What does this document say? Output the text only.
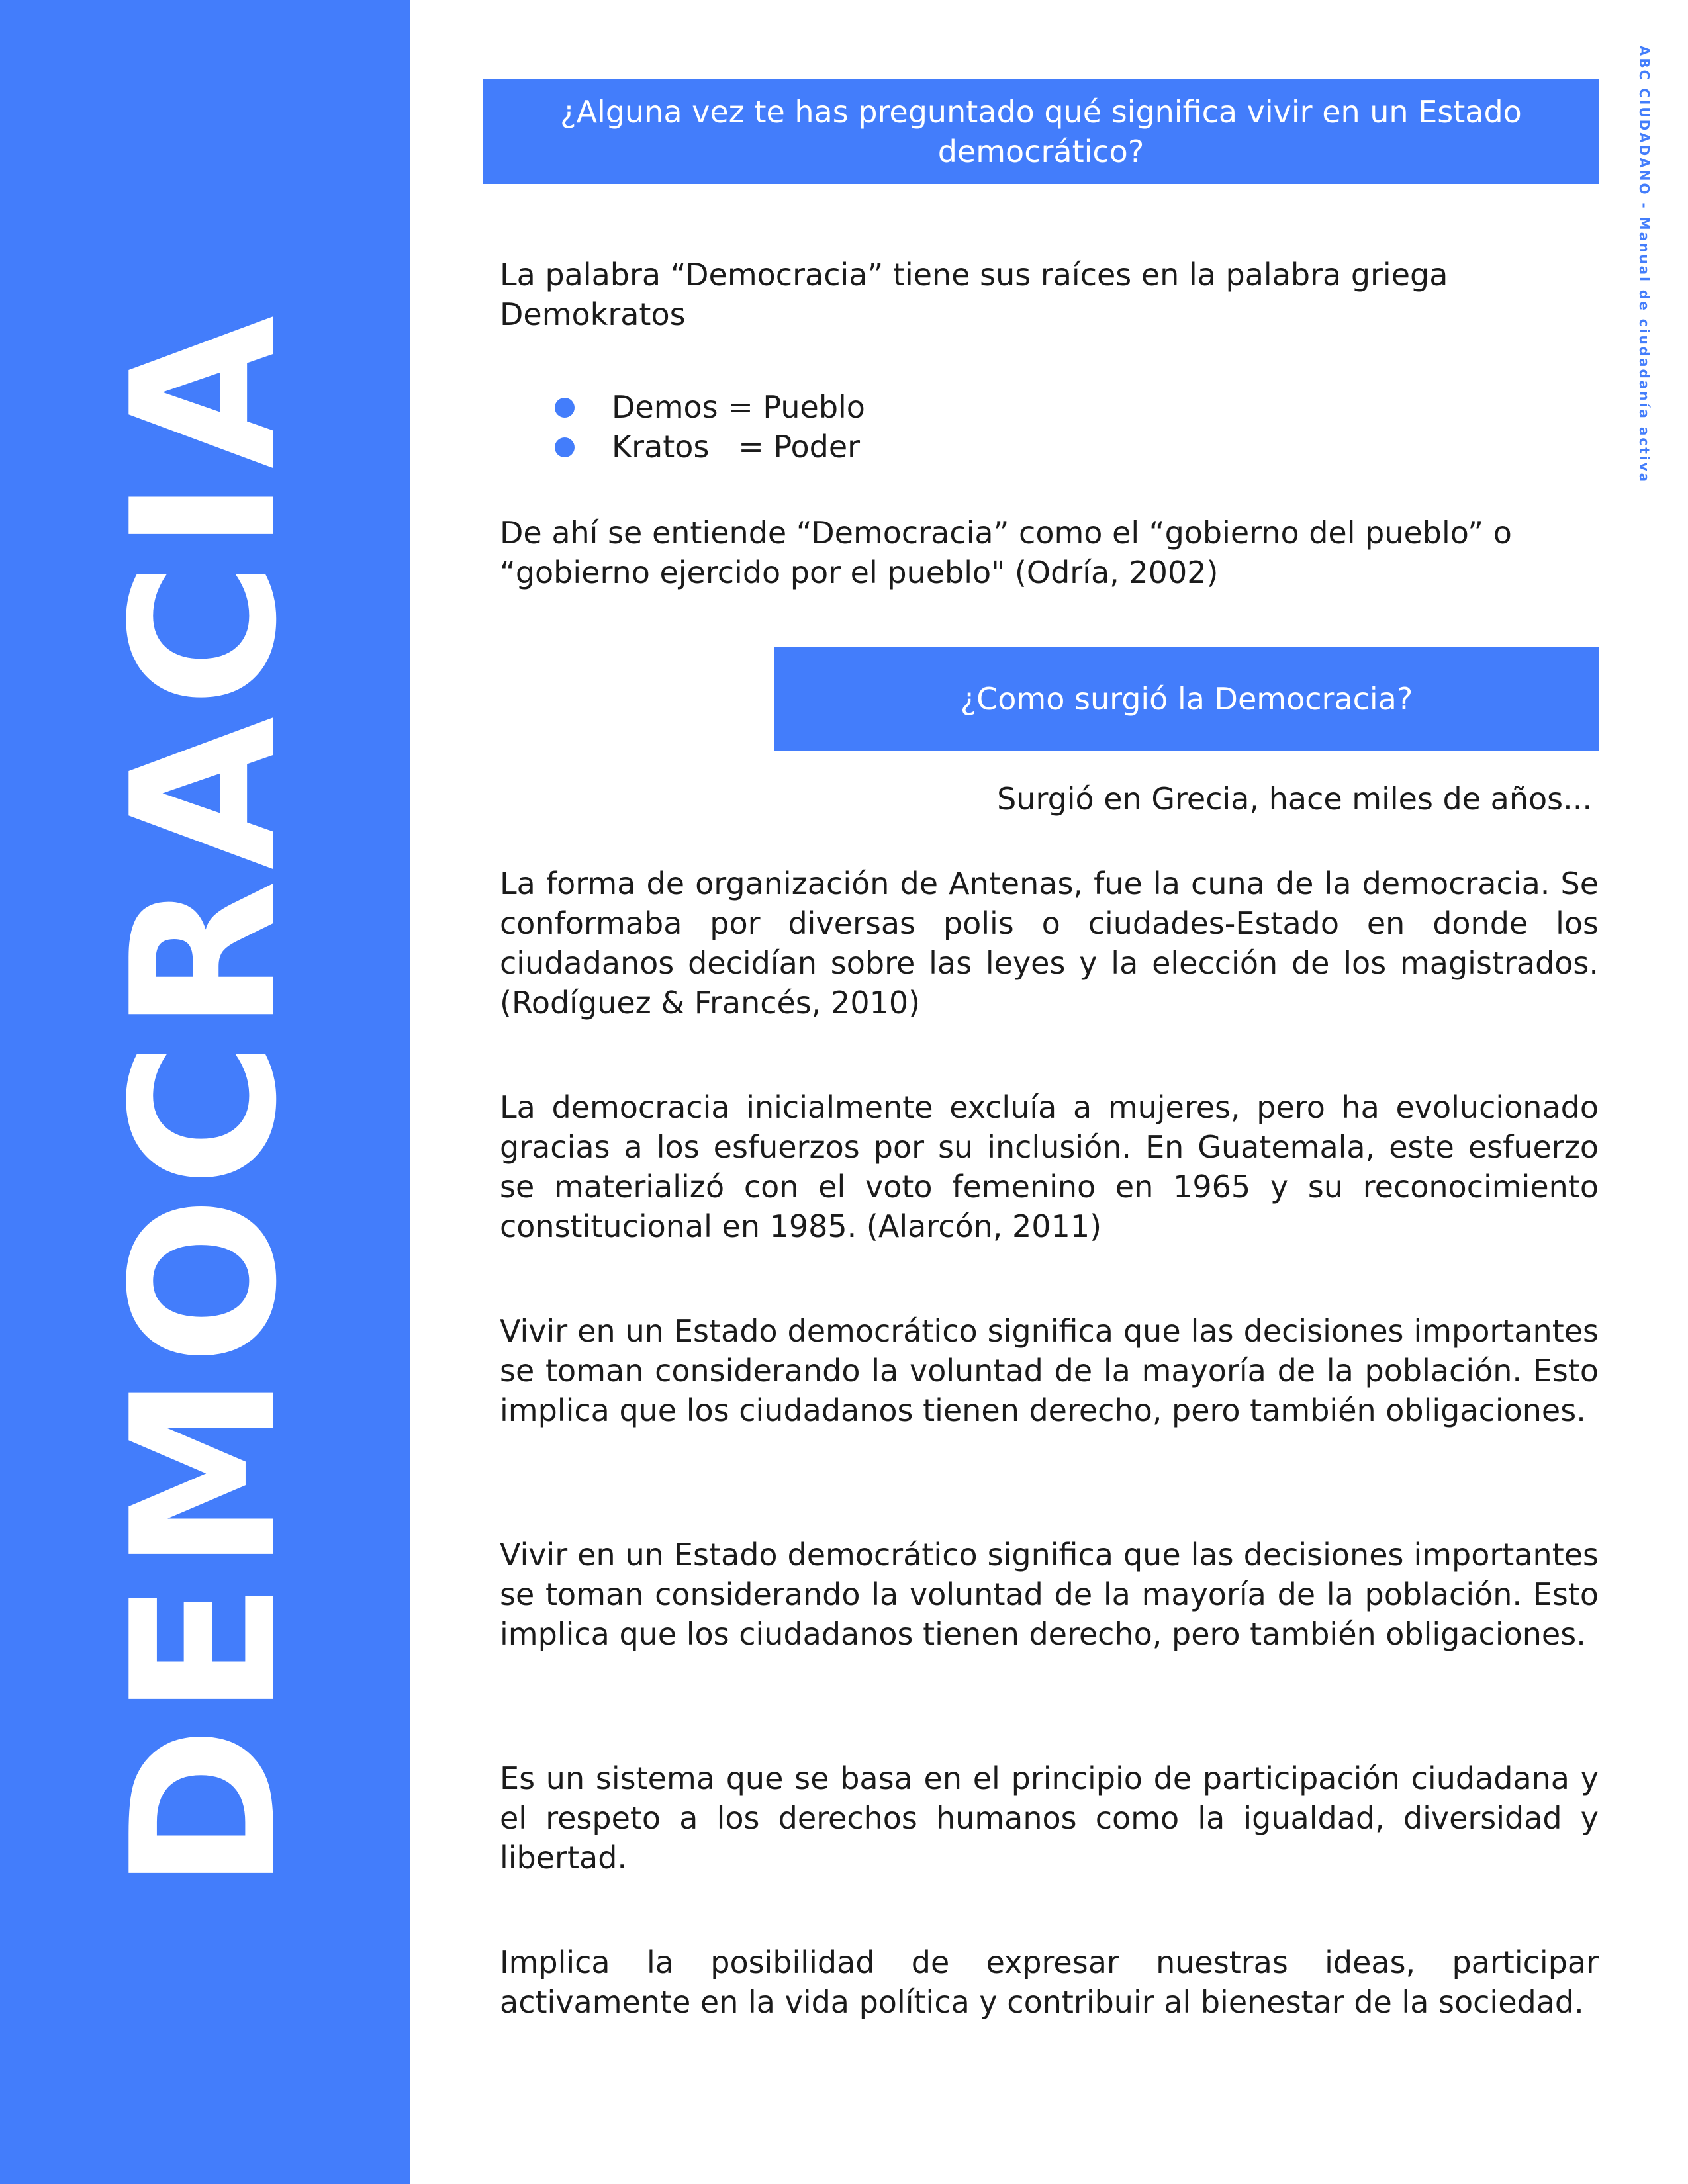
DEMOCRACIA
ABC CIUDADANO - Manual de ciudadanía activa
¿Alguna vez te has preguntado qué significa vivir en un Estado democrático?

La palabra “Democracia” tiene sus raíces en la palabra griega Demokratos

Demos = Pueblo
Kratos   = Poder

De ahí se entiende “Democracia” como el “gobierno del pueblo” o “gobierno ejercido por el pueblo" (Odría, 2002)

¿Como surgió la Democracia?

Surgió en Grecia, hace miles de años...

La forma de organización de Antenas, fue la cuna de la democracia. Se conformaba por diversas polis o ciudades-Estado en donde los ciudadanos decidían sobre las leyes y la elección de los magistrados. (Rodíguez & Francés, 2010)

La democracia inicialmente excluía a mujeres, pero ha evolucionado gracias a los esfuerzos por su inclusión. En Guatemala, este esfuerzo se materializó con el voto femenino en 1965 y su reconocimiento constitucional en 1985. (Alarcón, 2011)

Vivir en un Estado democrático significa que las decisiones importantes se toman considerando la voluntad de la mayoría de la población. Esto implica que los ciudadanos tienen derecho, pero también obligaciones.

Vivir en un Estado democrático significa que las decisiones importantes se toman considerando la voluntad de la mayoría de la población. Esto implica que los ciudadanos tienen derecho, pero también obligaciones.

Es un sistema que se basa en el principio de participación ciudadana y el respeto a los derechos humanos como la igualdad, diversidad y libertad.

Implica la posibilidad de expresar nuestras ideas, participar activamente en la vida política y contribuir al bienestar de la sociedad.
